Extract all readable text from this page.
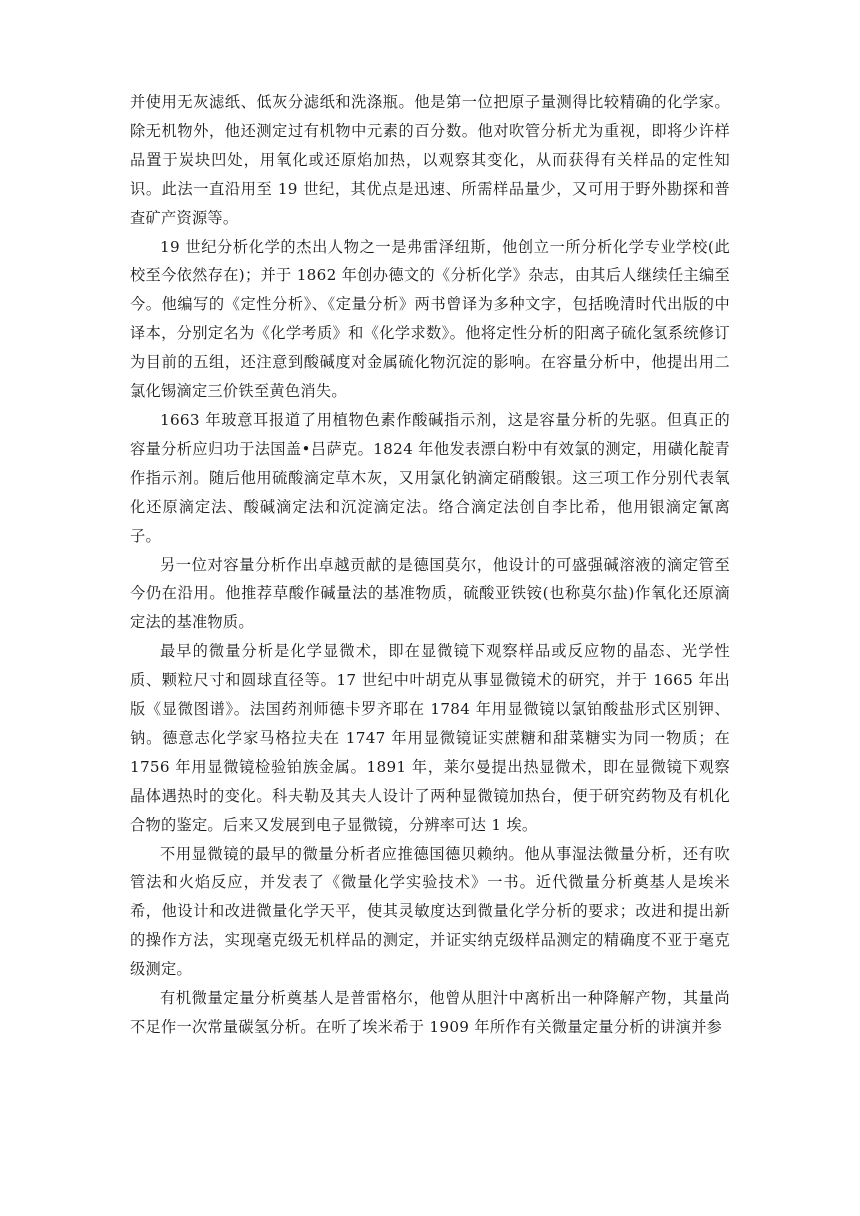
并使用无灰滤纸、低灰分滤纸和洗涤瓶。他是第一位把原子量测得比较精确的化学家。除无机物外，他还测定过有机物中元素的百分数。他对吹管分析尤为重视，即将少许样品置于炭块凹处，用氧化或还原焰加热，以观察其变化，从而获得有关样品的定性知识。此法一直沿用至 19 世纪，其优点是迅速、所需样品量少，又可用于野外勘探和普查矿产资源等。

19 世纪分析化学的杰出人物之一是弗雷泽纽斯，他创立一所分析化学专业学校(此校至今依然存在)；并于 1862 年创办德文的《分析化学》杂志，由其后人继续任主编至今。他编写的《定性分析》、《定量分析》两书曾译为多种文字，包括晚清时代出版的中译本，分别定名为《化学考质》和《化学求数》。他将定性分析的阳离子硫化氢系统修订为目前的五组，还注意到酸碱度对金属硫化物沉淀的影响。在容量分析中，他提出用二氯化锡滴定三价铁至黄色消失。

1663 年玻意耳报道了用植物色素作酸碱指示剂，这是容量分析的先驱。但真正的容量分析应归功于法国盖•吕萨克。1824 年他发表漂白粉中有效氯的测定，用磺化靛青作指示剂。随后他用硫酸滴定草木灰，又用氯化钠滴定硝酸银。这三项工作分别代表氧化还原滴定法、酸碱滴定法和沉淀滴定法。络合滴定法创自李比希，他用银滴定氰离子。

另一位对容量分析作出卓越贡献的是德国莫尔，他设计的可盛强碱溶液的滴定管至今仍在沿用。他推荐草酸作碱量法的基准物质，硫酸亚铁铵(也称莫尔盐)作氧化还原滴定法的基准物质。

最早的微量分析是化学显微术，即在显微镜下观察样品或反应物的晶态、光学性质、颗粒尺寸和圆球直径等。17 世纪中叶胡克从事显微镜术的研究，并于 1665 年出版《显微图谱》。法国药剂师德卡罗齐耶在 1784 年用显微镜以氯铂酸盐形式区别钾、钠。德意志化学家马格拉夫在 1747 年用显微镜证实蔗糖和甜菜糖实为同一物质；在 1756 年用显微镜检验铂族金属。1891 年，莱尔曼提出热显微术，即在显微镜下观察晶体遇热时的变化。科夫勒及其夫人设计了两种显微镜加热台，便于研究药物及有机化合物的鉴定。后来又发展到电子显微镜，分辨率可达 1 埃。

不用显微镜的最早的微量分析者应推德国德贝赖纳。他从事湿法微量分析，还有吹管法和火焰反应，并发表了《微量化学实验技术》一书。近代微量分析奠基人是埃米希，他设计和改进微量化学天平，使其灵敏度达到微量化学分析的要求；改进和提出新的操作方法，实现毫克级无机样品的测定，并证实纳克级样品测定的精确度不亚于毫克级测定。

有机微量定量分析奠基人是普雷格尔，他曾从胆汁中离析出一种降解产物，其量尚不足作一次常量碳氢分析。在听了埃米希于 1909 年所作有关微量定量分析的讲演并参
